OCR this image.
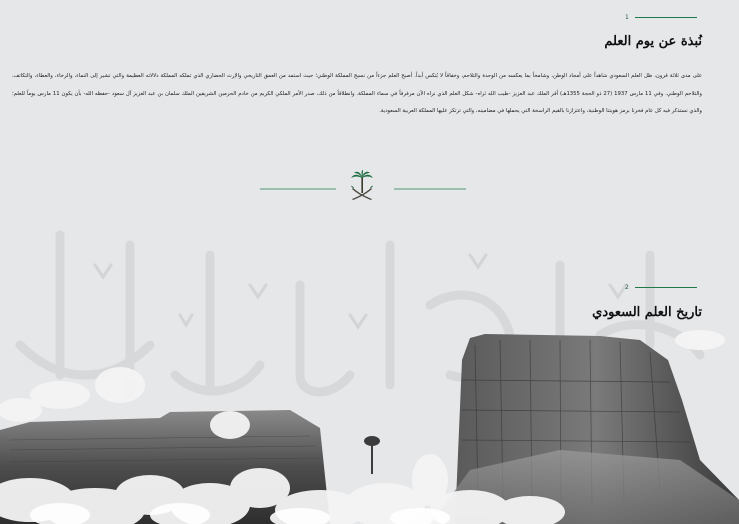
1
نُبذة عن يوم العلم

على مدى ثلاثة قرون، ظل العلم السعودي شاهداً على أمجاد الوطن، وشامخاً بما يعكسه من الوحدة والتلاحم، وخفاقاً لا يُنكس أبداً. أصبح العلم جزءاً من نسيج المملكة الوطني؛ حيث استمد من العمق التاريخي والإرث الحضاري الذي تملكه المملكة دلالاته العظيمة والتي تشير إلى النماء، والرخاء، والعطاء، والتكاتف، والتلاحم الوطني. وفي 11 مارس 1937 (27 ذو الحجة 1355هـ) أقر الملك عبد العزيز -طيب الله ثراه- شكل العلم الذي نراه الآن مرفرفاً في سماء المملكة. وانطلاقاً من ذلك، صدر الأمر الملكي الكريم من خادم الحرمين الشريفين الملك سلمان بن عبد العزيز آل سعود -حفظه الله- بأن يكون 11 مارس يوماً للعلم؛ والذي نستذكر فيه كل عام فخرنا برمز هويتنا الوطنية، واعتزازنا بالقيم الراسخة التي يحملها في مضامينه، والتي ترتكز عليها المملكة العربية السعودية.

2
تاريخ العلم السعودي
